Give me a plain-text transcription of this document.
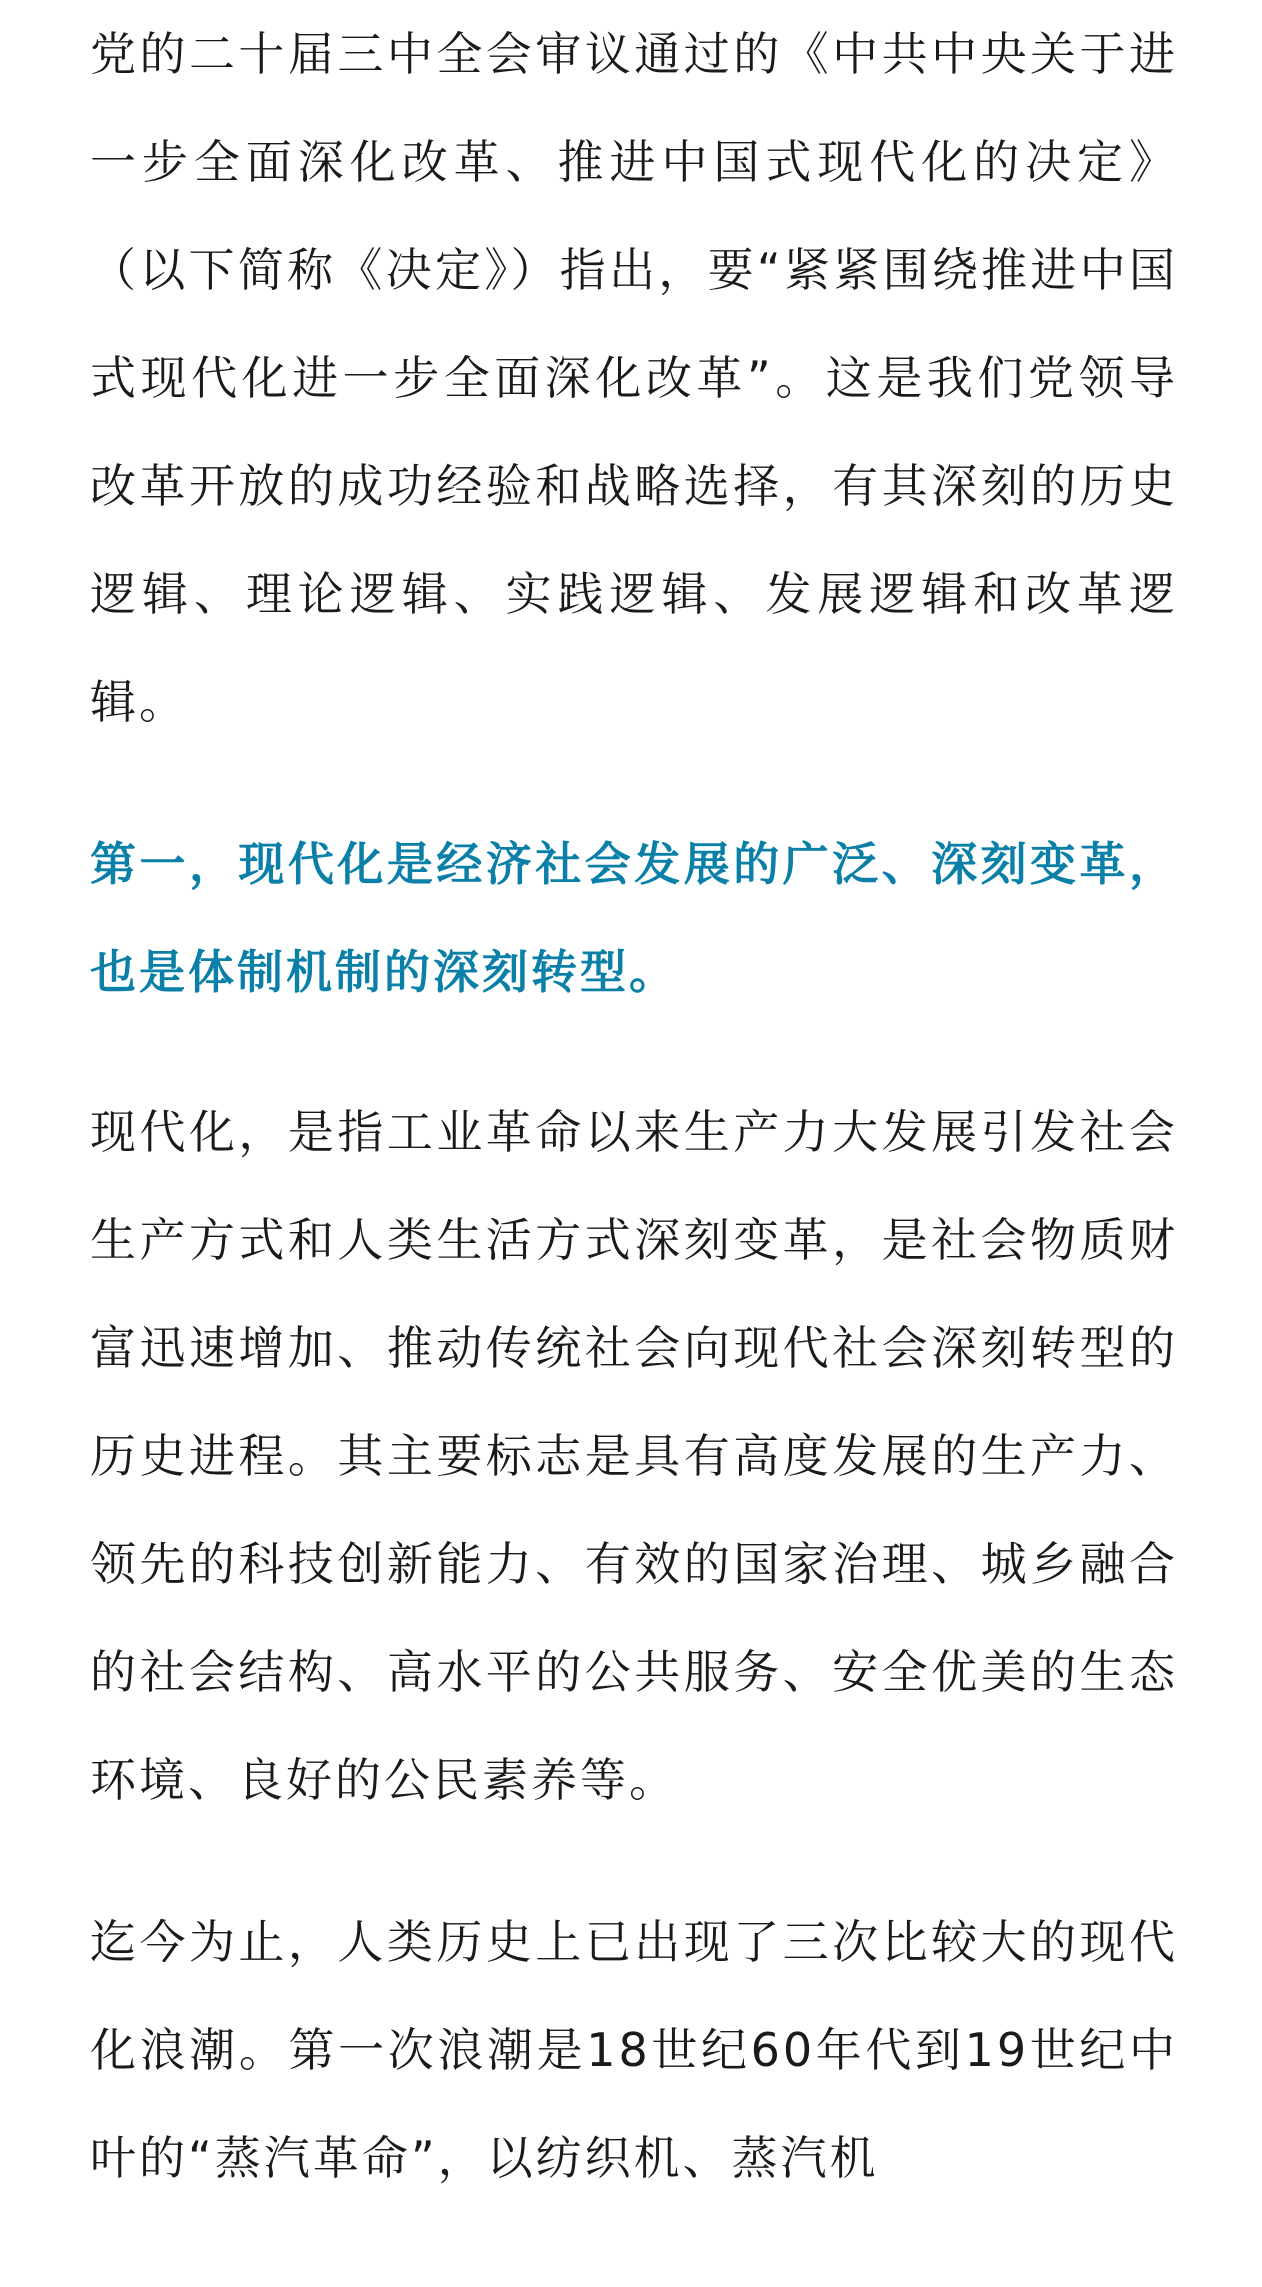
党的二十届三中全会审议通过的《中共中央关于进一步全面深化改革、推进中国式现代化的决定》（以下简称《决定》）指出，要“紧紧围绕推进中国式现代化进一步全面深化改革”。这是我们党领导改革开放的成功经验和战略选择，有其深刻的历史逻辑、理论逻辑、实践逻辑、发展逻辑和改革逻辑。

第一，现代化是经济社会发展的广泛、深刻变革，也是体制机制的深刻转型。

现代化，是指工业革命以来生产力大发展引发社会生产方式和人类生活方式深刻变革，是社会物质财富迅速增加、推动传统社会向现代社会深刻转型的历史进程。其主要标志是具有高度发展的生产力、领先的科技创新能力、有效的国家治理、城乡融合的社会结构、高水平的公共服务、安全优美的生态环境、良好的公民素养等。

迄今为止，人类历史上已出现了三次比较大的现代化浪潮。第一次浪潮是18世纪60年代到19世纪中叶的“蒸汽革命”，以纺织机、蒸汽机
